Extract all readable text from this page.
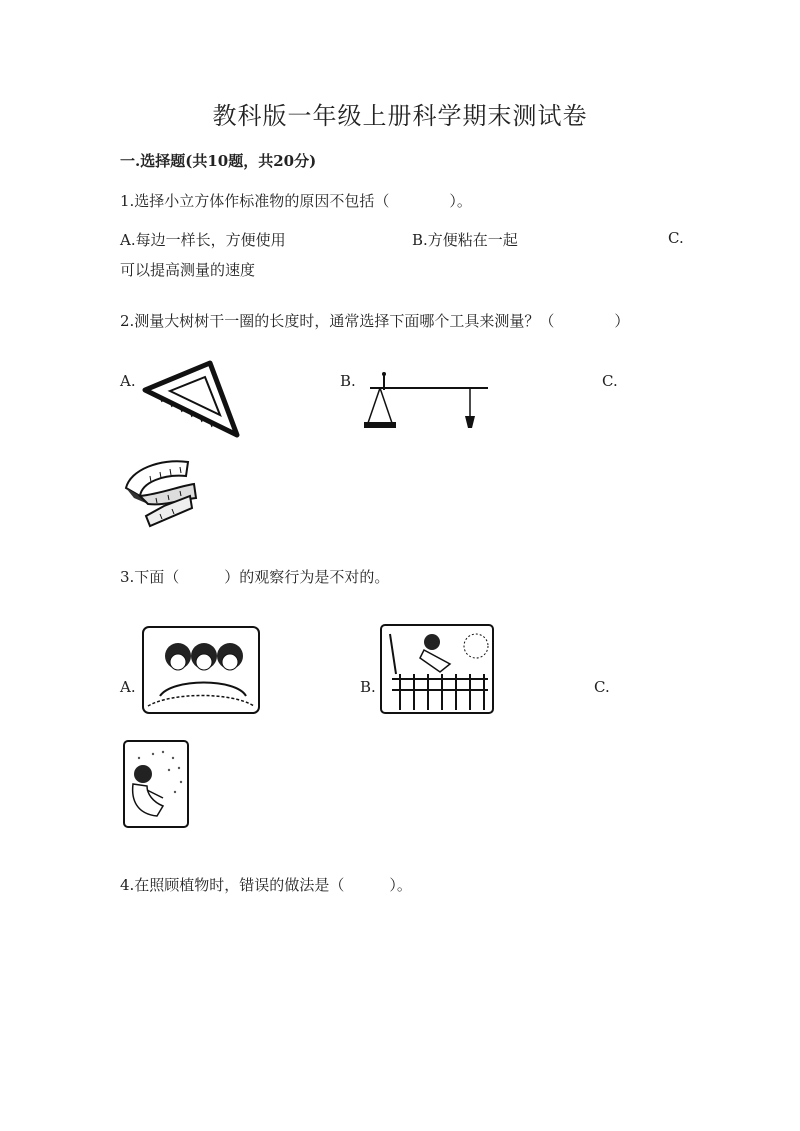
教科版一年级上册科学期末测试卷
一.选择题(共10题，共20分)
1.选择小立方体作标准物的原因不包括（　　　　）。
A.每边一样长，方便使用	B.方便粘在一起	C.
可以提高测量的速度
2.测量大树树干一圈的长度时，通常选择下面哪个工具来测量？（　　　　）
A.	B.	C.
3.下面（　　　）的观察行为是不对的。
A.	B.	C.
4.在照顾植物时，错误的做法是（　　　）。
